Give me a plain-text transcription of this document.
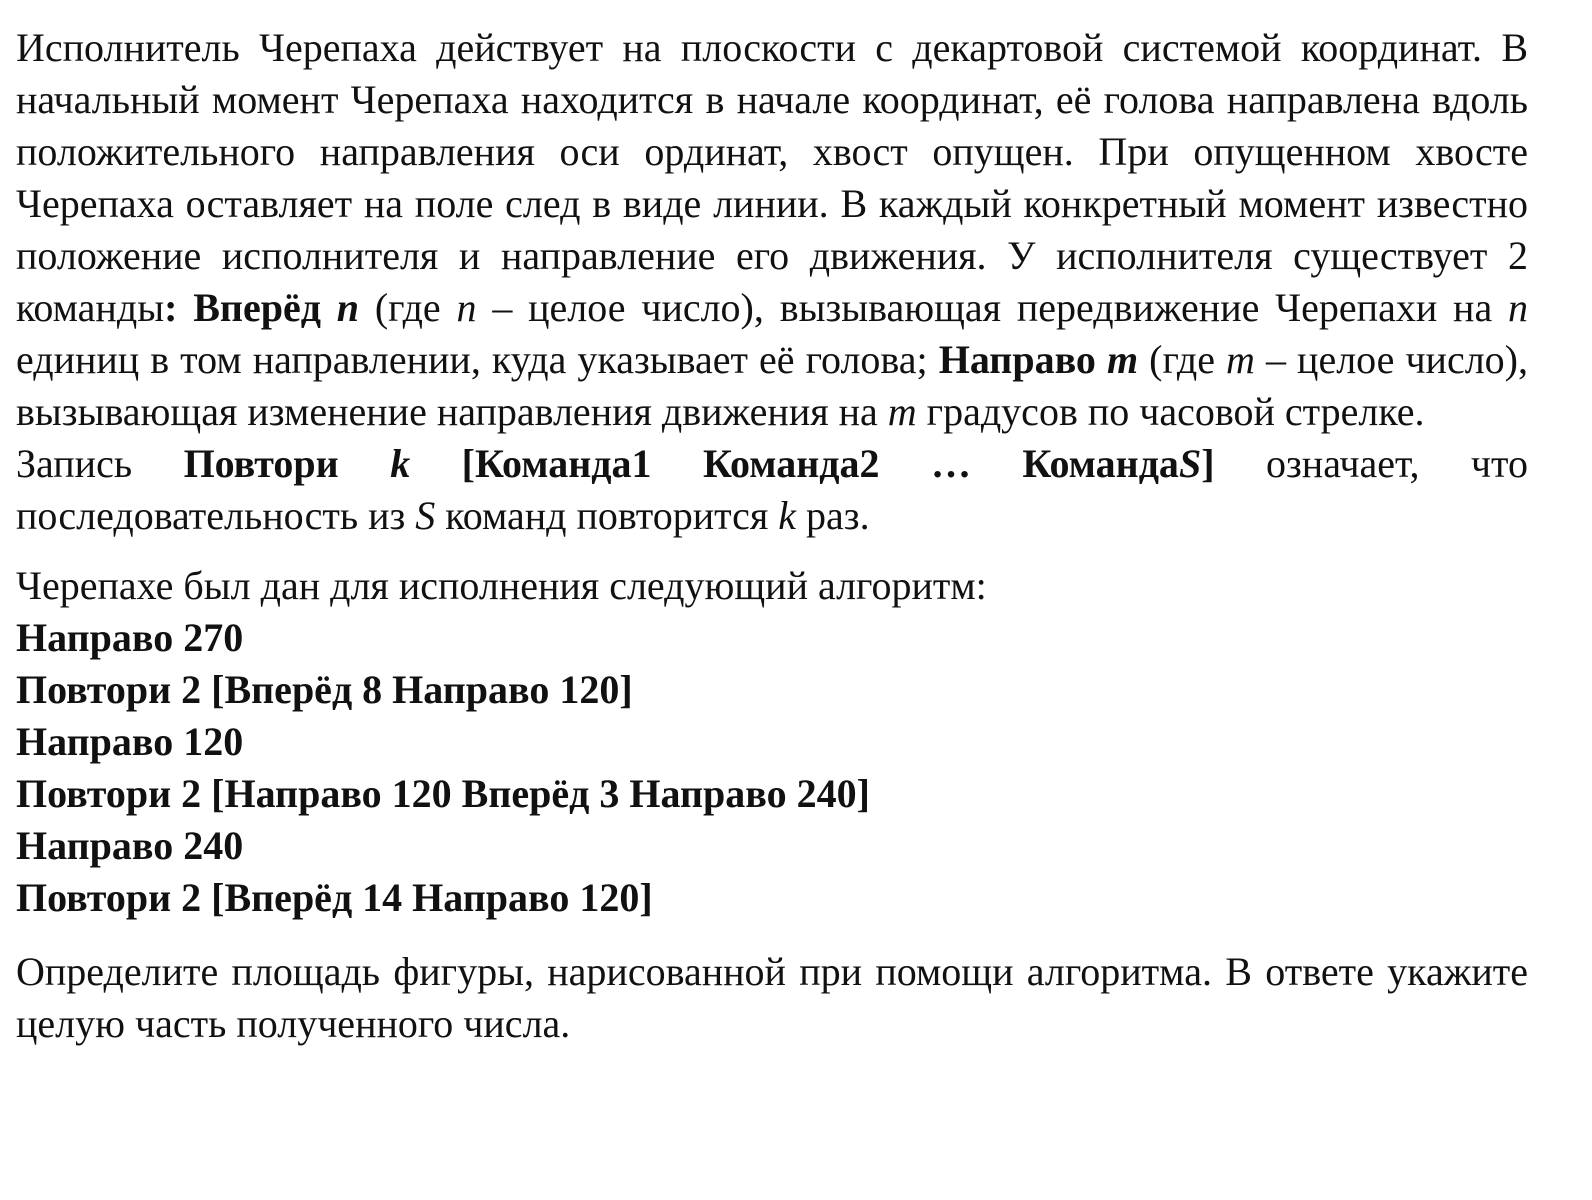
Исполнитель Черепаха действует на плоскости с декартовой системой координат. В начальный момент Черепаха находится в начале координат, её голова направлена вдоль положительного направления оси ординат, хвост опущен. При опущенном хвосте Черепаха оставляет на поле след в виде линии. В каждый конкретный момент известно положение исполнителя и направление его движения. У исполнителя существует 2 команды: Вперёд n (где n – целое число), вызывающая передвижение Черепахи на n единиц в том направлении, куда указывает её голова; Направо m (где m – целое число), вызывающая изменение направления движения на m градусов по часовой стрелке.

Запись Повтори k [Команда1 Команда2 … КомандаS] означает, что последовательность из S команд повторится k раз.

Черепахе был дан для исполнения следующий алгоритм:

Направо 270
Повтори 2 [Вперёд 8 Направо 120]
Направо 120
Повтори 2 [Направо 120 Вперёд 3 Направо 240]
Направо 240
Повтори 2 [Вперёд 14 Направо 120]

Определите площадь фигуры, нарисованной при помощи алгоритма. В ответе укажите целую часть полученного числа.
